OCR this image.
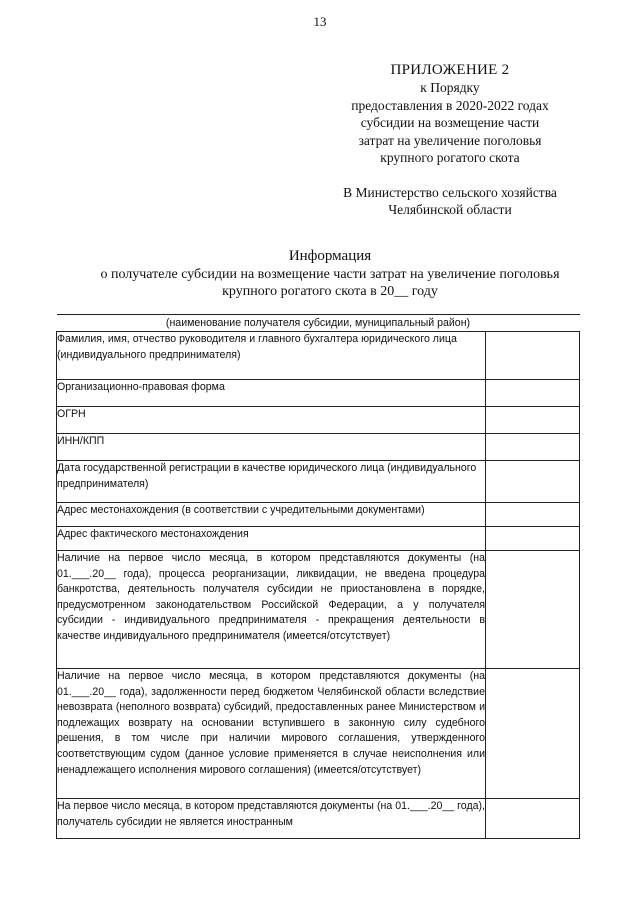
13
ПРИЛОЖЕНИЕ 2
к Порядку
предоставления в 2020-2022 годах
субсидии на возмещение части
затрат на увеличение поголовья
крупного рогатого скота
В Министерство сельского хозяйства
Челябинской области
Информация
о получателе субсидии на возмещение части затрат на увеличение поголовья
крупного рогатого скота в 20__ году
(наименование получателя субсидии, муниципальный район)	

Фамилия, имя, отчество руководителя и главного бухгалтера юридического лица (индивидуального предпринимателя)	
Организационно-правовая форма	
ОГРН	
ИНН/КПП	
Дата государственной регистрации в качестве юридического лица (индивидуального предпринимателя)	
Адрес местонахождения (в соответствии с учредительными документами)	
Адрес фактического местонахождения	
Наличие на первое число месяца, в котором представляются документы (на 01.___.20__ года), процесса реорганизации, ликвидации, не введена процедура банкротства, деятельность получателя субсидии не приостановлена в порядке, предусмотренном законодательством Российской Федерации, а у получателя субсидии - индивидуального предпринимателя - прекращения деятельности в качестве индивидуального предпринимателя (имеется/отсутствует)	
Наличие на первое число месяца, в котором представляются документы (на 01.___.20__ года), задолженности перед бюджетом Челябинской области вследствие невозврата (неполного возврата) субсидий, предоставленных ранее Министерством и подлежащих возврату на основании вступившего в законную силу судебного решения, в том числе при наличии мирового соглашения, утвержденного соответствующим судом (данное условие применяется в случае неисполнения или ненадлежащего исполнения мирового соглашения) (имеется/отсутствует)	
На первое число месяца, в котором представляются документы (на 01.___.20__ года), получатель субсидии не является иностранным	
